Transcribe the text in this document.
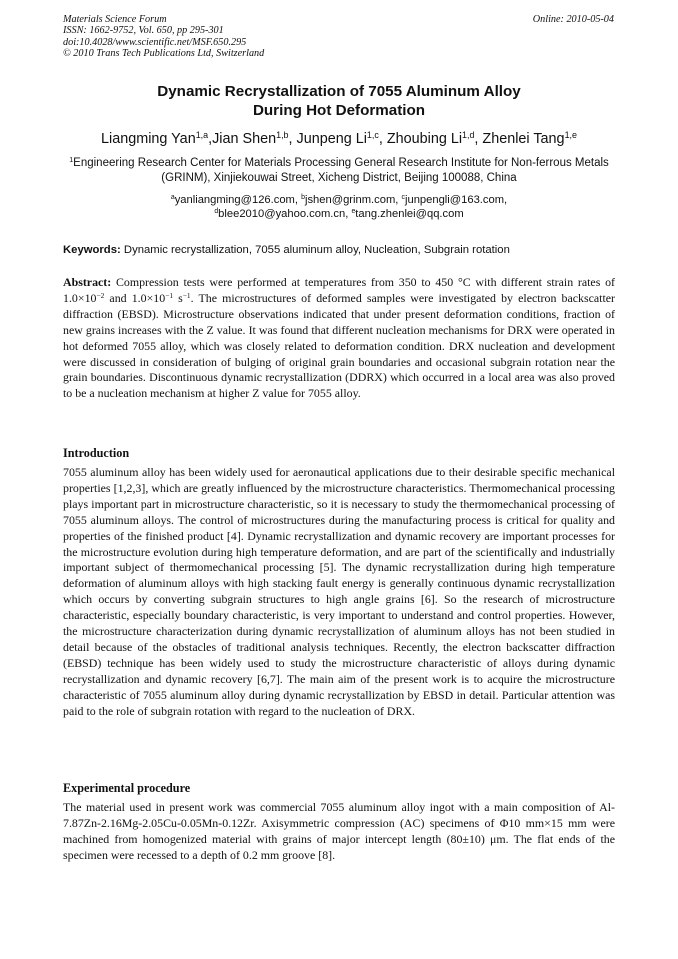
Materials Science Forum
ISSN: 1662-9752, Vol. 650, pp 295-301
doi:10.4028/www.scientific.net/MSF.650.295
© 2010 Trans Tech Publications Ltd, Switzerland
Online: 2010-05-04
Dynamic Recrystallization of 7055 Aluminum Alloy
During Hot Deformation
Liangming Yan$^{1,a}$,Jian Shen$^{1,b}$, Junpeng Li$^{1,c}$, Zhoubing Li$^{1,d}$, Zhenlei Tang$^{1,e}$
$^1$Engineering Research Center for Materials Processing General Research Institute for Non-ferrous Metals (GRINM), Xinjiekouwai Street, Xicheng District, Beijing 100088, China
$^a$yanliangming@126.com, $^b$jshen@grinm.com, $^c$junpengli@163.com,
$^d$blee2010@yahoo.com.cn, $^e$tang.zhenlei@qq.com
Keywords: Dynamic recrystallization, 7055 aluminum alloy, Nucleation, Subgrain rotation

Abstract: Compression tests were performed at temperatures from 350 to 450 °C with different strain rates of $1.0\times 10^{-2}$ and $1.0\times 10^{-1}$ $s^{-1}$. The microstructures of deformed samples were investigated by electron backscatter diffraction (EBSD). Microstructure observations indicated that under present deformation conditions, fraction of new grains increases with the Z value. It was found that different nucleation mechanisms for DRX were operated in hot deformed 7055 alloy, which was closely related to deformation condition. DRX nucleation and development were discussed in consideration of bulging of original grain boundaries and occasional subgrain rotation near the grain boundaries. Discontinuous dynamic recrystallization (DDRX) which occurred in a local area was also proved to be a nucleation mechanism at higher Z value for 7055 alloy.

Introduction

7055 aluminum alloy has been widely used for aeronautical applications due to their desirable specific mechanical properties [1,2,3], which are greatly influenced by the microstructure characteristics. Thermomechanical processing plays important part in microstructure characteristic, so it is necessary to study the thermomechanical processing of 7055 aluminum alloys. The control of microstructures during the manufacturing process is critical for quality and properties of the finished product [4]. Dynamic recrystallization and dynamic recovery are important processes for the microstructure evolution during high temperature deformation, and are part of the scientifically and industrially important subject of thermomechanical processing [5]. The dynamic recrystallization during high temperature deformation of aluminum alloys with high stacking fault energy is generally continuous dynamic recrystallization which occurs by converting subgrain structures to high angle grains [6]. So the research of microstructure characteristic, especially boundary characteristic, is very important to understand and control properties. However, the microstructure characterization during dynamic recrystallization of aluminum alloys has not been studied in detail because of the obstacles of traditional analysis techniques. Recently, the electron backscatter diffraction (EBSD) technique has been widely used to study the microstructure characteristic of alloys during dynamic recrystallization and dynamic recovery [6,7]. The main aim of the present work is to acquire the microstructure characteristic of 7055 aluminum alloy during dynamic recrystallization by EBSD in detail. Particular attention was paid to the role of subgrain rotation with regard to the nucleation of DRX.

Experimental procedure

The material used in present work was commercial 7055 aluminum alloy ingot with a main composition of Al-7.87Zn-2.16Mg-2.05Cu-0.05Mn-0.12Zr. Axisymmetric compression (AC) specimens of Φ10 mm×15 mm were machined from homogenized material with grains of major intercept length (80±10) μm. The flat ends of the specimen were recessed to a depth of 0.2 mm groove [8].
